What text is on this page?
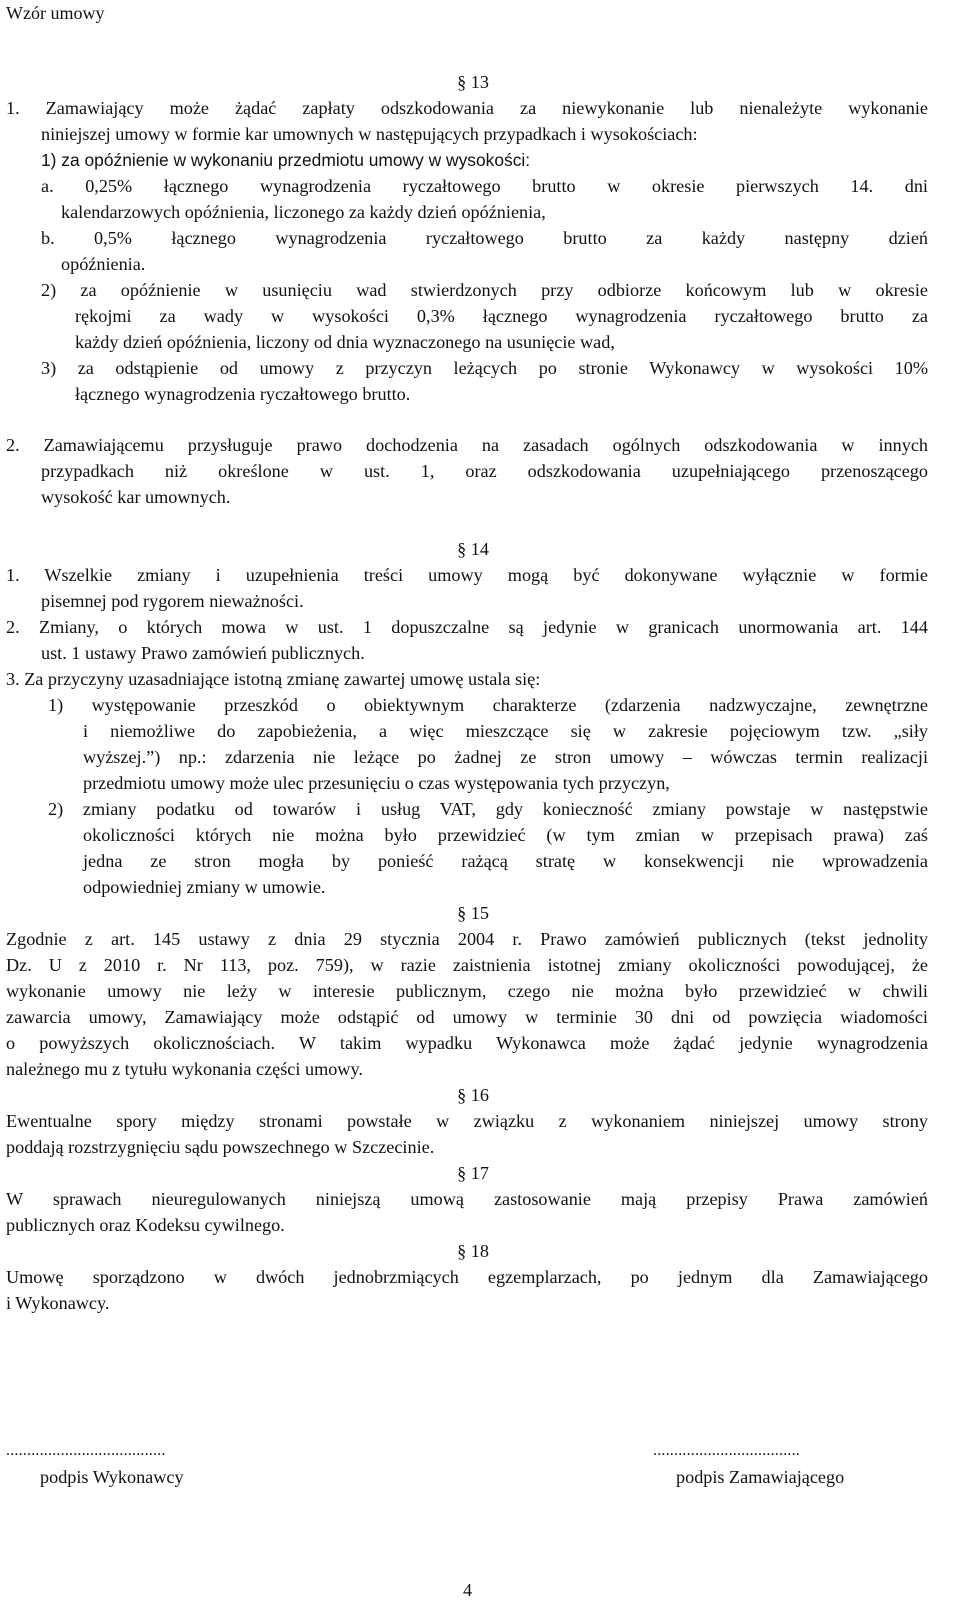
Wzór umowy
§ 13
1. Zamawiający może żądać zapłaty odszkodowania za niewykonanie lub nienależyte wykonanie
niniejszej umowy w formie kar umownych w następujących przypadkach i wysokościach:
1) za opóźnienie w wykonaniu przedmiotu umowy w wysokości:
a. 0,25% łącznego wynagrodzenia ryczałtowego brutto w okresie pierwszych 14. dni
kalendarzowych opóźnienia, liczonego za każdy dzień opóźnienia,
b. 0,5% łącznego wynagrodzenia ryczałtowego brutto za każdy następny dzień
opóźnienia.
2) za opóźnienie w usunięciu wad stwierdzonych przy odbiorze końcowym lub w okresie
rękojmi za wady w wysokości 0,3% łącznego wynagrodzenia ryczałtowego brutto za
każdy dzień opóźnienia, liczony od dnia wyznaczonego na usunięcie wad,
3) za odstąpienie od umowy z przyczyn leżących po stronie Wykonawcy w wysokości 10%
łącznego wynagrodzenia ryczałtowego brutto.
2. Zamawiającemu przysługuje prawo dochodzenia na zasadach ogólnych odszkodowania w innych
przypadkach niż określone w ust. 1, oraz odszkodowania uzupełniającego przenoszącego
wysokość kar umownych.
§ 14
1. Wszelkie zmiany i uzupełnienia treści umowy mogą być dokonywane wyłącznie w formie
pisemnej pod rygorem nieważności.
2. Zmiany, o których mowa w ust. 1 dopuszczalne są jedynie w granicach unormowania art. 144
ust. 1 ustawy Prawo zamówień publicznych.
3. Za przyczyny uzasadniające istotną zmianę zawartej umowę ustala się:
1) występowanie przeszkód o obiektywnym charakterze (zdarzenia nadzwyczajne, zewnętrzne
i niemożliwe do zapobieżenia, a więc mieszczące się w zakresie pojęciowym tzw. „siły
wyższej.”) np.: zdarzenia nie leżące po żadnej ze stron umowy – wówczas termin realizacji
przedmiotu umowy może ulec przesunięciu o czas występowania tych przyczyn,
2) zmiany podatku od towarów i usług VAT, gdy konieczność zmiany powstaje w następstwie
okoliczności których nie można było przewidzieć (w tym zmian w przepisach prawa) zaś
jedna ze stron mogła by ponieść rażącą stratę w konsekwencji nie wprowadzenia
odpowiedniej zmiany w umowie.
§ 15
Zgodnie z art. 145 ustawy z dnia 29 stycznia 2004 r. Prawo zamówień publicznych (tekst jednolity
Dz. U z 2010 r. Nr 113, poz. 759), w razie zaistnienia istotnej zmiany okoliczności powodującej, że
wykonanie umowy nie leży w interesie publicznym, czego nie można było przewidzieć w chwili
zawarcia umowy, Zamawiający może odstąpić od umowy w terminie 30 dni od powzięcia wiadomości
o powyższych okolicznościach. W takim wypadku Wykonawca może żądać jedynie wynagrodzenia
należnego mu z tytułu wykonania części umowy.
§ 16
Ewentualne spory między stronami powstałe w związku z wykonaniem niniejszej umowy strony
poddają rozstrzygnięciu sądu powszechnego w Szczecinie.
§ 17
W sprawach nieuregulowanych niniejszą umową zastosowanie mają przepisy Prawa zamówień
publicznych oraz Kodeksu cywilnego.
§ 18
Umowę sporządzono w dwóch jednobrzmiących egzemplarzach, po jednym dla Zamawiającego
i Wykonawcy.
......................................
podpis Wykonawcy
...................................
podpis Zamawiającego
4
